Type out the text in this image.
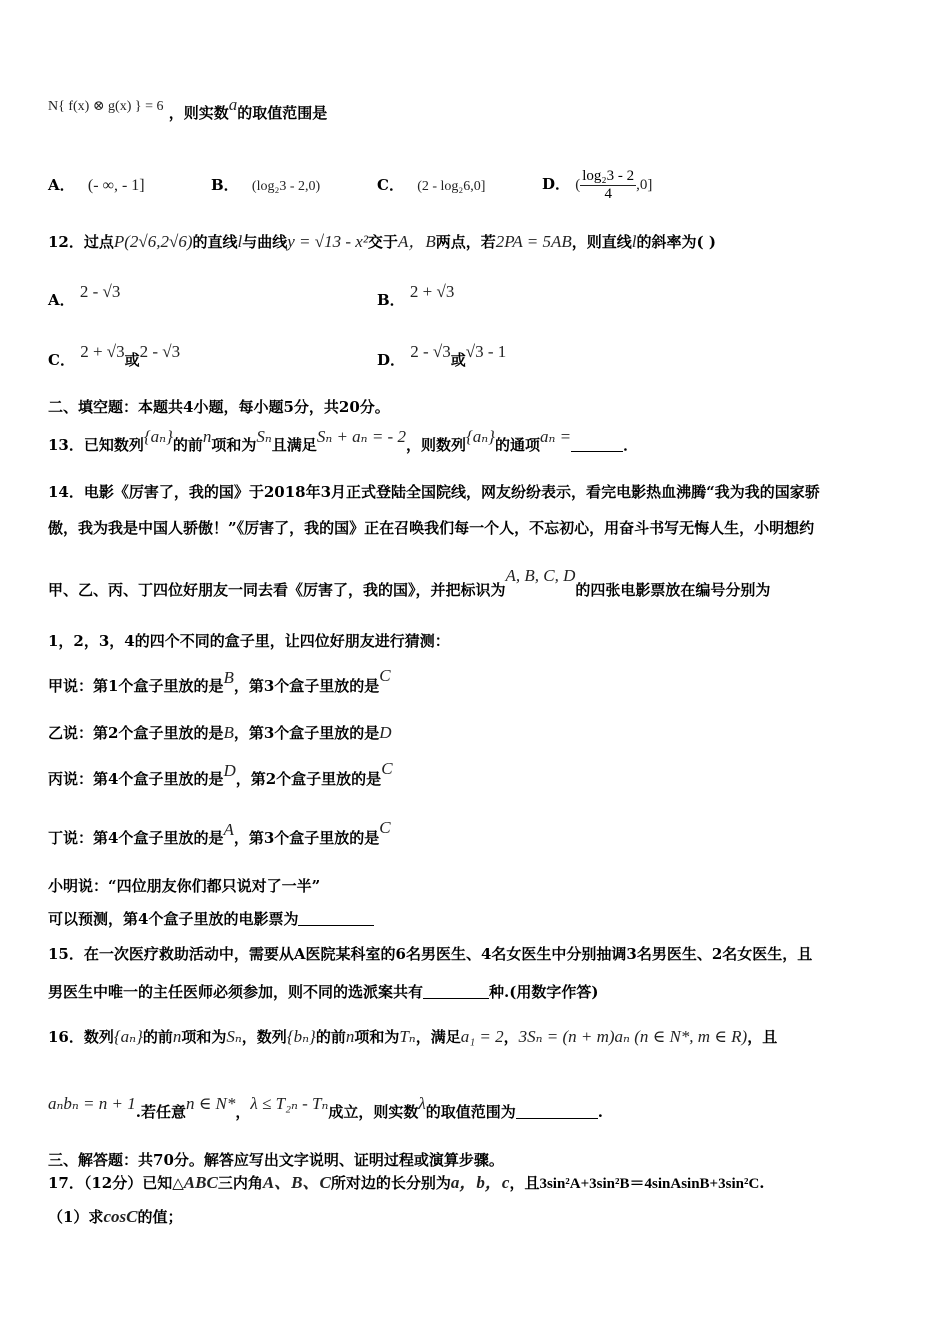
N{ f(x) ⊗ g(x) } = 6 ，则实数a的取值范围是
A． (- ∞, - 1]	B． (log₂3 - 2,0)	C． (2 - log₂6,0]	D． ( $\frac{\text{log₂3 - 2}}{4} ,0$]
12．过点P(2√6,2√6)的直线l与曲线y = √13 - x²交于A，B两点，若2PA = 5AB，则直线l的斜率为( )
A． 2 - √3	B． 2 + √3
C． 2 + √3或2 - √3	D． 2 - √3或√3 - 1
二、填空题：本题共4小题，每小题5分，共20分。
13．已知数列{aₙ}的前n项和为Sₙ且满足Sₙ + aₙ = - 2，则数列{aₙ}的通项aₙ =	．
14．电影《厉害了，我的国》于2018年3月正式登陆全国院线，网友纷纷表示，看完电影热血沸腾“我为我的国家骄
傲，我为我是中国人骄傲！”《厉害了，我的国》正在召唤我们每一个人，不忘初心，用奋斗书写无悔人生，小明想约
甲、乙、丙、丁四位好朋友一同去看《厉害了，我的国》，并把标识为A, B, C, D的四张电影票放在编号分别为
1，2，3，4的四个不同的盒子里，让四位好朋友进行猜测：
甲说：第1个盒子里放的是B，第3个盒子里放的是C
乙说：第2个盒子里放的是B，第3个盒子里放的是D
丙说：第4个盒子里放的是D，第2个盒子里放的是C
丁说：第4个盒子里放的是A，第3个盒子里放的是C
小明说：“四位朋友你们都只说对了一半”
可以预测，第4个盒子里放的电影票为
15．在一次医疗救助活动中，需要从A医院某科室的6名男医生、4名女医生中分别抽调3名男医生、2名女医生，且
男医生中唯一的主任医师必须参加，则不同的选派案共有	种.(用数字作答)
16．数列{aₙ}的前n项和为Sₙ，数列{bₙ}的前n项和为Tₙ，满足a₁ = 2，3Sₙ = (n + m)aₙ (n ∈ N*, m ∈ R)，且
aₙbₙ = n + 1.若任意n ∈ N*，λ ≤ T₂ₙ - Tₙ成立，则实数λ的取值范围为	.
三、解答题：共70分。解答应写出文字说明、证明过程或演算步骤。
17．（12分）已知△ABC三内角A、B、C所对边的长分别为a，b，c，且3sin²A+3sin²B＝4sinAsinB+3sin²C.
（1）求cosC的值；
